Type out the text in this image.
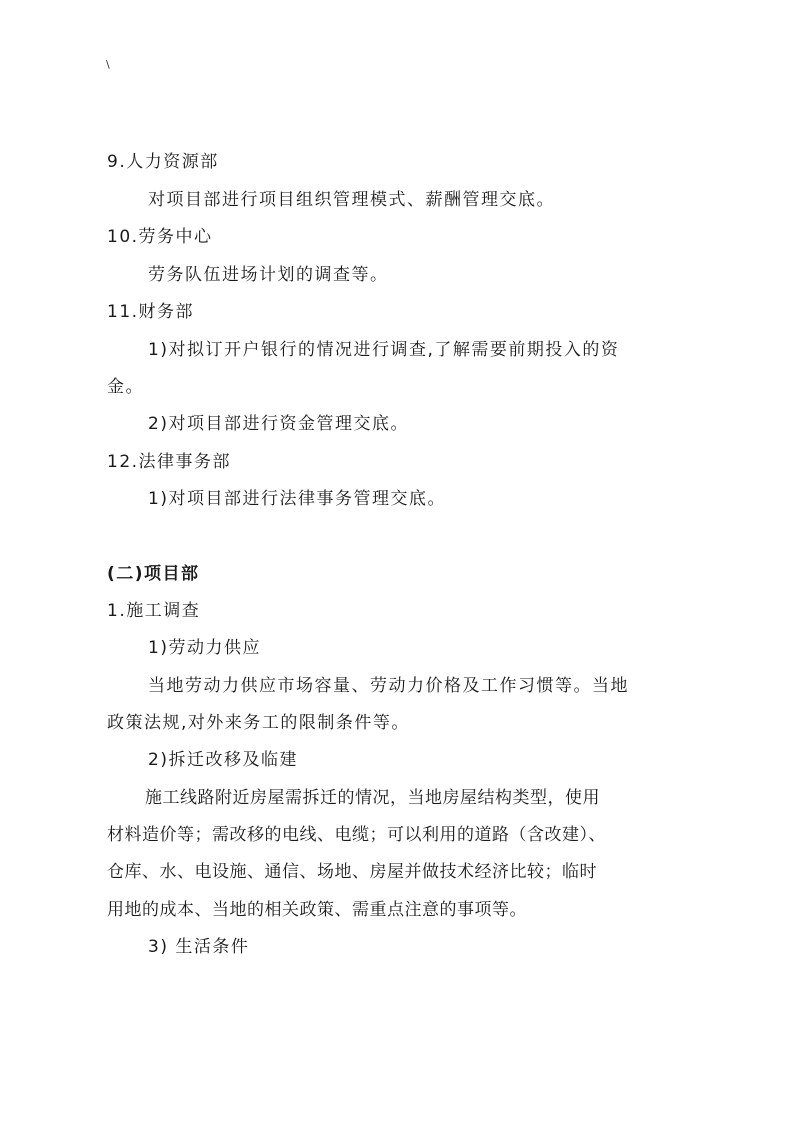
\
9.人力资源部
对项目部进行项目组织管理模式、薪酬管理交底。
10.劳务中心
劳务队伍进场计划的调查等。
11.财务部
1)对拟订开户银行的情况进行调查,了解需要前期投入的资
金。
2)对项目部进行资金管理交底。
12.法律事务部
1)对项目部进行法律事务管理交底。
(二)项目部
1.施工调查
1)劳动力供应
当地劳动力供应市场容量、劳动力价格及工作习惯等。当地
政策法规,对外来务工的限制条件等。
2)拆迁改移及临建
施工线路附近房屋需拆迁的情况，当地房屋结构类型，使用
材料造价等；需改移的电线、电缆；可以利用的道路（含改建）、
仓库、水、电设施、通信、场地、房屋并做技术经济比较；临时
用地的成本、当地的相关政策、需重点注意的事项等。
3) 生活条件
